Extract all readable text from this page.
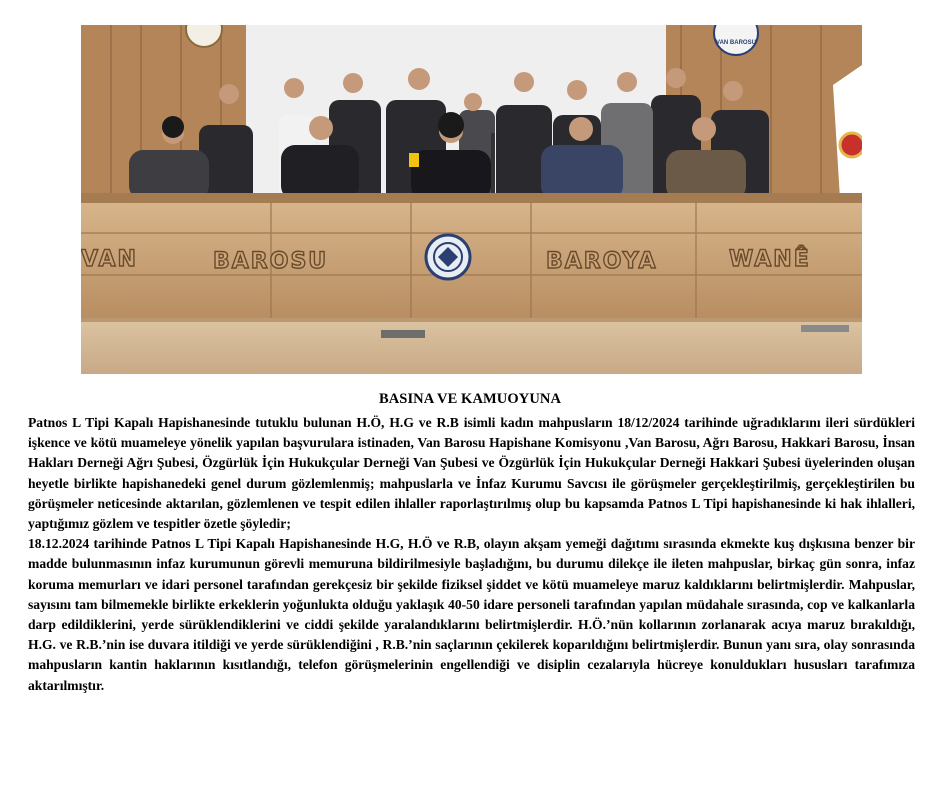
VAN BAROSU
VAN	BAROSU	BAROYA	WANÊ
BASINA VE KAMUOYUNA

Patnos L Tipi Kapalı Hapishanesinde tutuklu bulunan H.Ö, H.G ve R.B isimli kadın mahpusların 18/12/2024 tarihinde uğradıklarını ileri sürdükleri işkence ve kötü muameleye yönelik yapılan başvurulara istinaden, Van Barosu Hapishane Komisyonu ,Van Barosu, Ağrı Barosu, Hakkari Barosu, İnsan Hakları Derneği Ağrı Şubesi, Özgürlük İçin Hukukçular Derneği Van Şubesi ve Özgürlük İçin Hukukçular Derneği Hakkari Şubesi üyelerinden oluşan heyetle birlikte hapishanedeki genel durum gözlemlenmiş; mahpuslarla ve İnfaz Kurumu Savcısı ile görüşmeler gerçekleştirilmiş, gerçekleştirilen bu görüşmeler neticesinde aktarılan, gözlemlenen ve tespit edilen ihlaller raporlaştırılmış olup bu kapsamda Patnos L Tipi hapishanesinde ki hak ihlalleri, yaptığımız gözlem ve tespitler özetle şöyledir;

18.12.2024 tarihinde Patnos L Tipi Kapalı Hapishanesinde H.G, H.Ö ve R.B, olayın akşam yemeği dağıtımı sırasında ekmekte kuş dışkısına benzer bir madde bulunmasının infaz kurumunun görevli memuruna bildirilmesiyle başladığını, bu durumu dilekçe ile ileten mahpuslar, birkaç gün sonra, infaz koruma memurları ve idari personel tarafından gerekçesiz bir şekilde fiziksel şiddet ve kötü muameleye maruz kaldıklarını belirtmişlerdir. Mahpuslar, sayısını tam bilmemekle birlikte erkeklerin yoğunlukta olduğu yaklaşık 40-50 idare personeli tarafından yapılan müdahale sırasında, cop ve kalkanlarla darp edildiklerini, yerde sürüklendiklerini ve ciddi şekilde yaralandıklarını belirtmişlerdir. H.Ö.’nün kollarının zorlanarak acıya maruz bırakıldığı, H.G. ve R.B.’nin ise duvara itildiği ve yerde sürüklendiğini , R.B.’nin saçlarının çekilerek koparıldığını belirtmişlerdir. Bunun yanı sıra, olay sonrasında mahpusların kantin haklarının kısıtlandığı, telefon görüşmelerinin engellendiği ve disiplin cezalarıyla hücreye konuldukları hususları tarafımıza aktarılmıştır.
